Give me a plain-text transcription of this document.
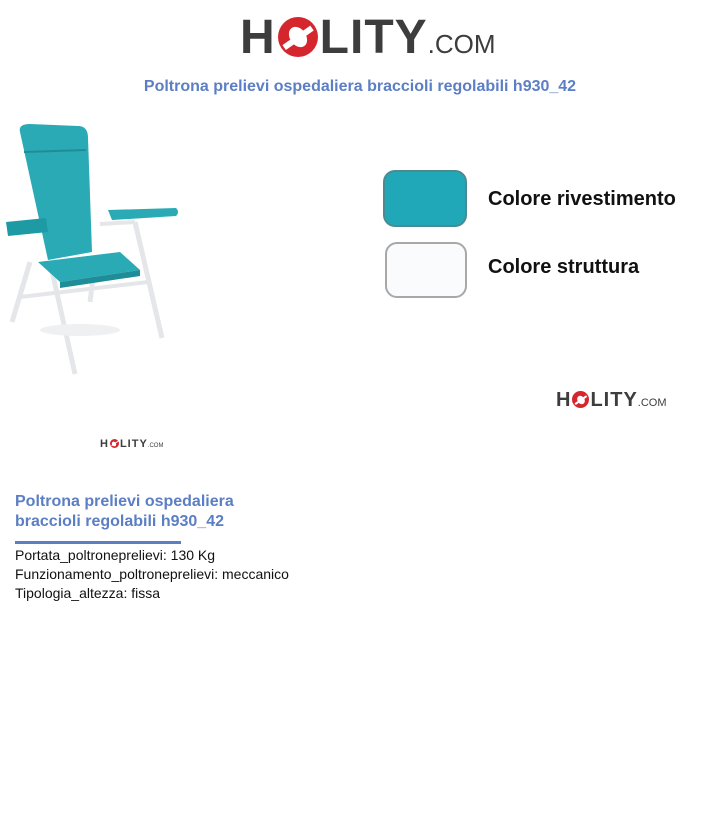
H LITY .COM
Poltrona prelievi ospedaliera braccioli regolabili h930_42
Colore rivestimento
Colore struttura
H LITY .COM
H LITY .COM
Poltrona prelievi ospedaliera
braccioli regolabili h930_42
Portata_poltroneprelievi: 130 Kg
Funzionamento_poltroneprelievi: meccanico
Tipologia_altezza: fissa
